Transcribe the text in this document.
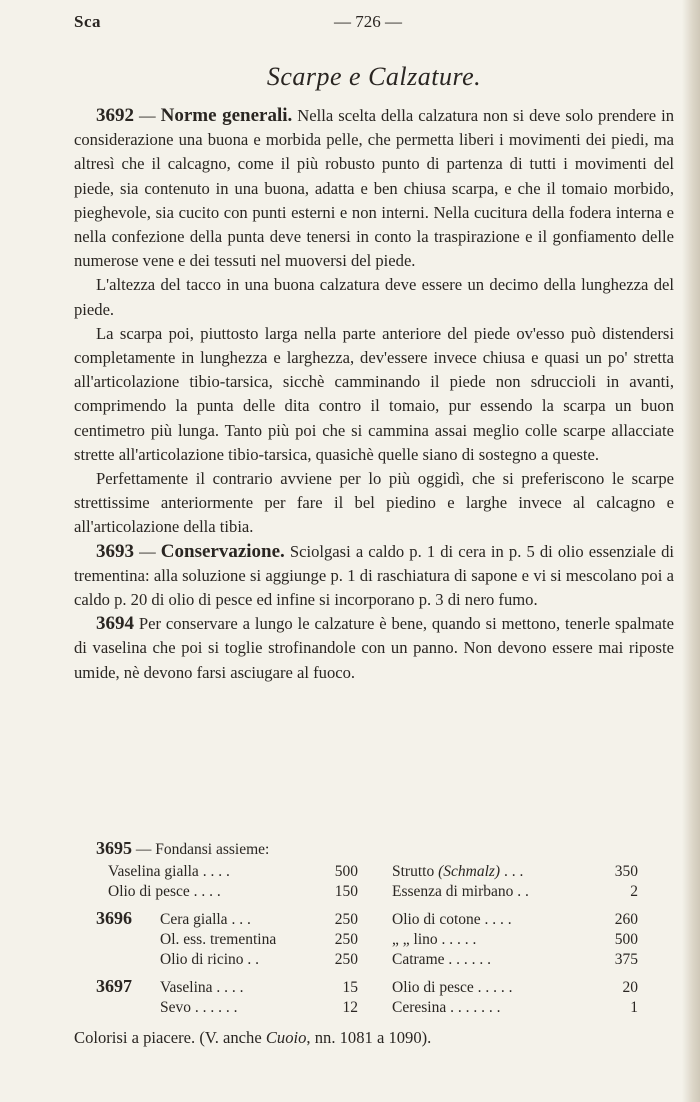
Sca	— 726 —
Scarpe e Calzature.

3692 — Norme generali. Nella scelta della calzatura non si deve solo prendere in considerazione una buona e morbida pelle, che permetta liberi i movimenti dei piedi, ma altresì che il calcagno, come il più robusto punto di partenza di tutti i movimenti del piede, sia contenuto in una buona, adatta e ben chiusa scarpa, e che il tomaio morbido, pieghevole, sia cucito con punti esterni e non interni. Nella cucitura della fodera interna e nella confezione della punta deve tenersi in conto la traspirazione e il gonfiamento delle numerose vene e dei tessuti nel muoversi del piede.

L'altezza del tacco in una buona calzatura deve essere un decimo della lunghezza del piede.

La scarpa poi, piuttosto larga nella parte anteriore del piede ov'esso può distendersi completamente in lunghezza e larghezza, dev'essere invece chiusa e quasi un po' stretta all'articolazione tibio-tarsica, sicchè camminando il piede non sdruccioli in avanti, comprimendo la punta delle dita contro il tomaio, pur essendo la scarpa un buon centimetro più lunga. Tanto più poi che si cammina assai meglio colle scarpe allacciate strette all'articolazione tibio-tarsica, quasichè quelle siano di sostegno a queste.

Perfettamente il contrario avviene per lo più oggidì, che si preferiscono le scarpe strettissime anteriormente per fare il bel piedino e larghe invece al calcagno e all'articolazione della tibia.

3693 — Conservazione. Sciolgasi a caldo p. 1 di cera in p. 5 di olio essenziale di trementina: alla soluzione si aggiunge p. 1 di raschiatura di sapone e vi si mescolano poi a caldo p. 20 di olio di pesce ed infine si incorporano p. 3 di nero fumo.

3694 Per conservare a lungo le calzature è bene, quando si mettono, tenerle spalmate di vaselina che poi si toglie strofinandole con un panno. Non devono essere mai riposte umide, nè devono farsi asciugare al fuoco.

3695 — Fondansi assieme:
Vaselina gialla . . . .	500 Strutto (Schmalz) . . .	350
Olio di pesce . . . .	150 Essenza di mirbano . .	2
3696 Cera gialla . . .	250 Olio di cotone . . . .	260
Ol. ess. trementina	250 „ „ lino . . . . .	500
Olio di ricino . .	250 Catrame . . . . . .	375
3697 Vaselina . . . .	15 Olio di pesce . . . . .	20
Sevo . . . . . .	12 Ceresina . . . . . . .	1
Colorisi a piacere. (V. anche Cuoio, nn. 1081 a 1090).
